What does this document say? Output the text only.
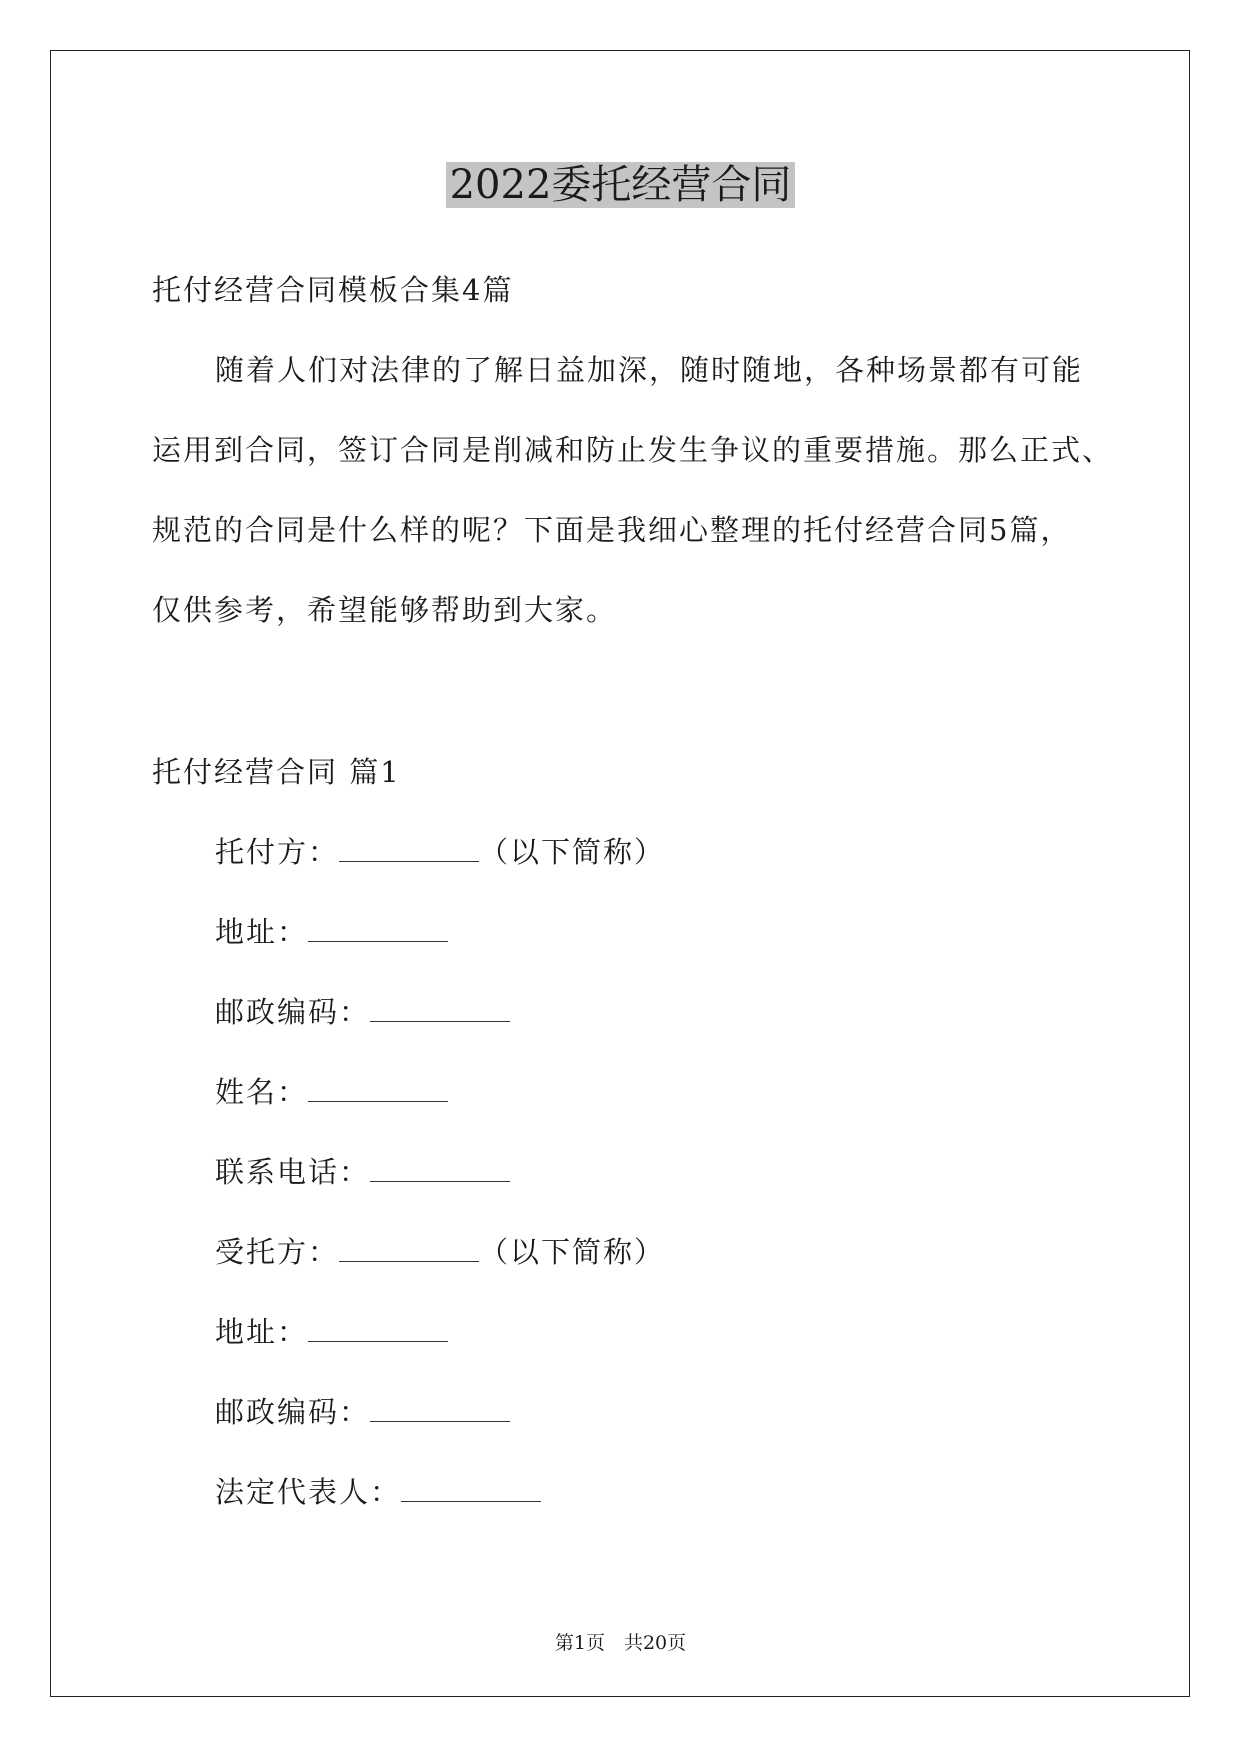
2022委托经营合同
托付经营合同模板合集4篇
随着人们对法律的了解日益加深，随时随地，各种场景都有可能
运用到合同，签订合同是削减和防止发生争议的重要措施。那么正式、
规范的合同是什么样的呢？下面是我细心整理的托付经营合同5篇，
仅供参考，希望能够帮助到大家。
托付经营合同 篇1
托付方：	（以下简称）
地址：
邮政编码：
姓名：
联系电话：
受托方：	（以下简称）
地址：
邮政编码：
法定代表人：
第1页　共20页
